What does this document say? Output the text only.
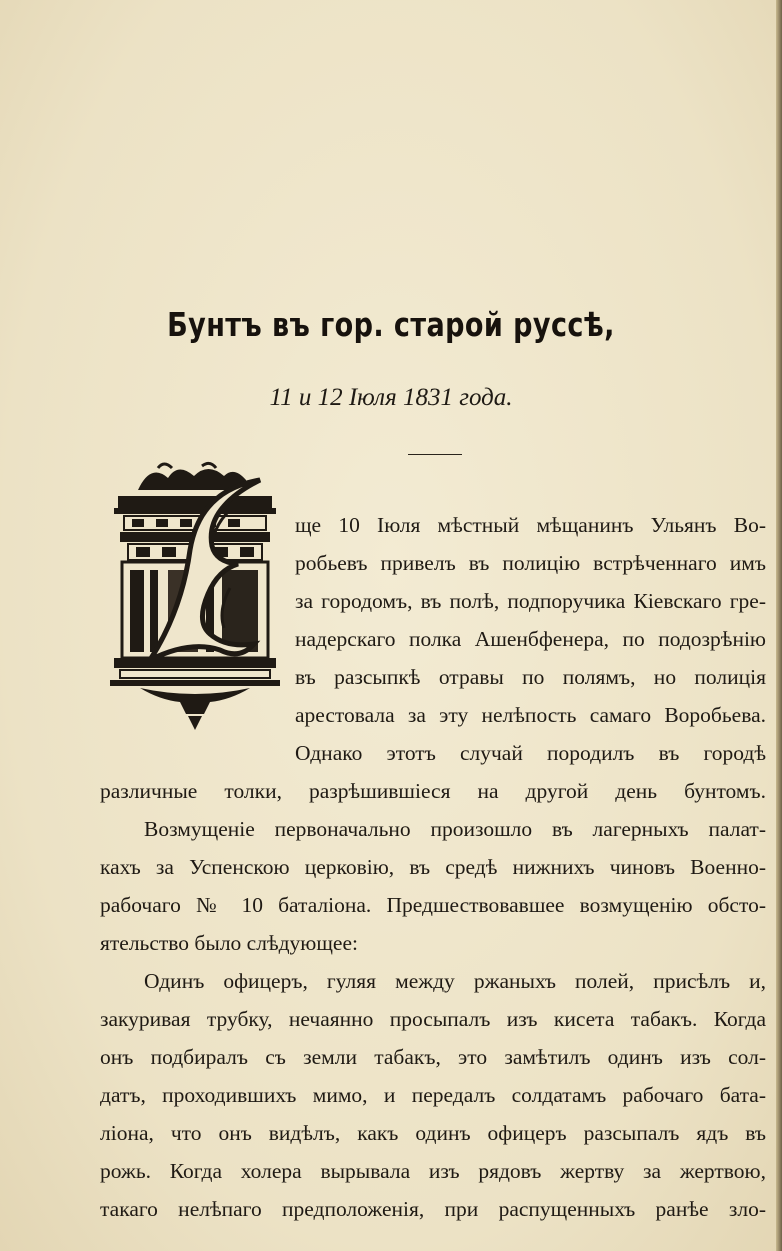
Бунтъ въ гор. старой руссѣ,
11 и 12 Іюля 1831 года.
ще 10 Іюля мѣстный мѣщанинъ Ульянъ Во-
робьевъ привелъ въ полицію встрѣченнаго имъ
за городомъ, въ полѣ, подпоручика Кіевскаго гре-
надерскаго полка Ашенбфенера, по подозрѣнію
въ разсыпкѣ отравы по полямъ, но полиція
арестовала за эту нелѣпость самаго Воробьева.
Однако этотъ случай породилъ въ городѣ
различные толки, разрѣшившiеся на другой день бунтомъ.
Возмущеніе первоначально произошло въ лагерныхъ палат-
кахъ за Успенскою церковію, въ средѣ нижнихъ чиновъ Военно-
рабочаго № 10 баталіона. Предшествовавшее возмущенію обсто-
ятельство было слѣдующее:
Одинъ офицеръ, гуляя между ржаныхъ полей, присѣлъ и,
закуривая трубку, нечаянно просыпалъ изъ кисета табакъ. Когда
онъ подбиралъ съ земли табакъ, это замѣтилъ одинъ изъ сол-
датъ, проходившихъ мимо, и передалъ солдатамъ рабочаго бата-
ліона, что онъ видѣлъ, какъ одинъ офицеръ разсыпалъ ядъ въ
рожь. Когда холера вырывала изъ рядовъ жертву за жертвою,
такаго нелѣпаго предположенія, при распущенныхъ ранѣе зло-
